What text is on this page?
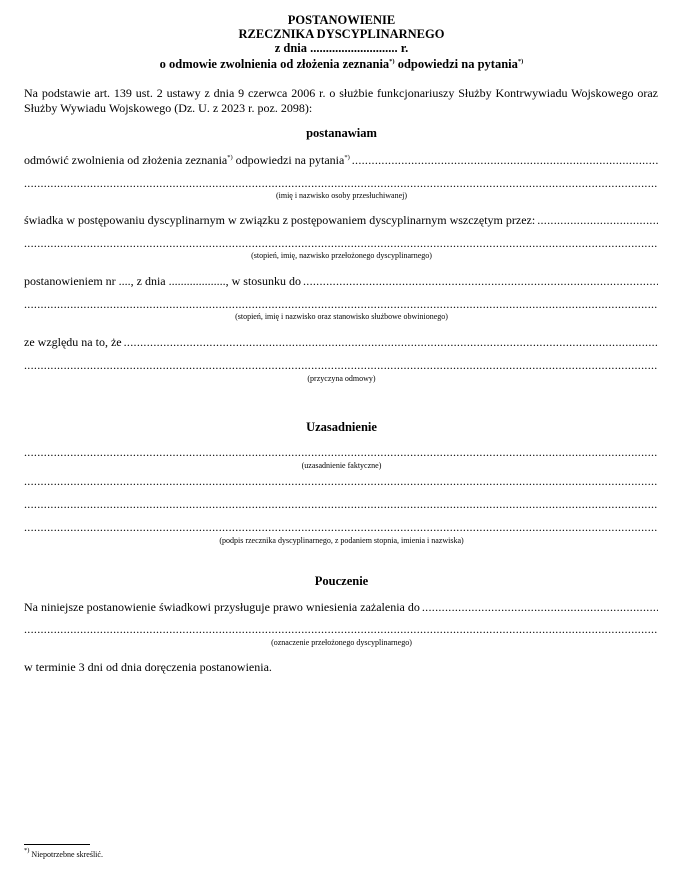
POSTANOWIENIE
RZECZNIKA DYSCYPLINARNEGO
z dnia ............................ r.
o odmowie zwolnienia od złożenia zeznania*) odpowiedzi na pytania*)
Na podstawie art. 139 ust. 2 ustawy z dnia 9 czerwca 2006 r. o służbie funkcjonariuszy Służby Kontrwywiadu Wojskowego oraz Służby Wywiadu Wojskowego (Dz. U. z 2023 r. poz. 2098):
postanawiam
odmówić zwolnienia od złożenia zeznania*) odpowiedzi na pytania*)
.....
.....
(imię i nazwisko osoby przesłuchiwanej)
świadka w postępowaniu dyscyplinarnym w związku z postępowaniem dyscyplinarnym wszczętym przez:
.....
.....
(stopień, imię, nazwisko przełożonego dyscyplinarnego)
postanowieniem nr ...., z dnia ..................., w stosunku do
.....
.....
(stopień, imię i nazwisko oraz stanowisko służbowe obwinionego)
ze względu na to, że
.....
.....
(przyczyna odmowy)
Uzasadnienie
.....
(uzasadnienie faktyczne)
.....
.....
.....
(podpis rzecznika dyscyplinarnego, z podaniem stopnia, imienia i nazwiska)
Pouczenie
Na niniejsze postanowienie świadkowi przysługuje prawo wniesienia zażalenia do
.....
.....
(oznaczenie przełożonego dyscyplinarnego)
w terminie 3 dni od dnia doręczenia postanowienia.
*) Niepotrzebne skreślić.
